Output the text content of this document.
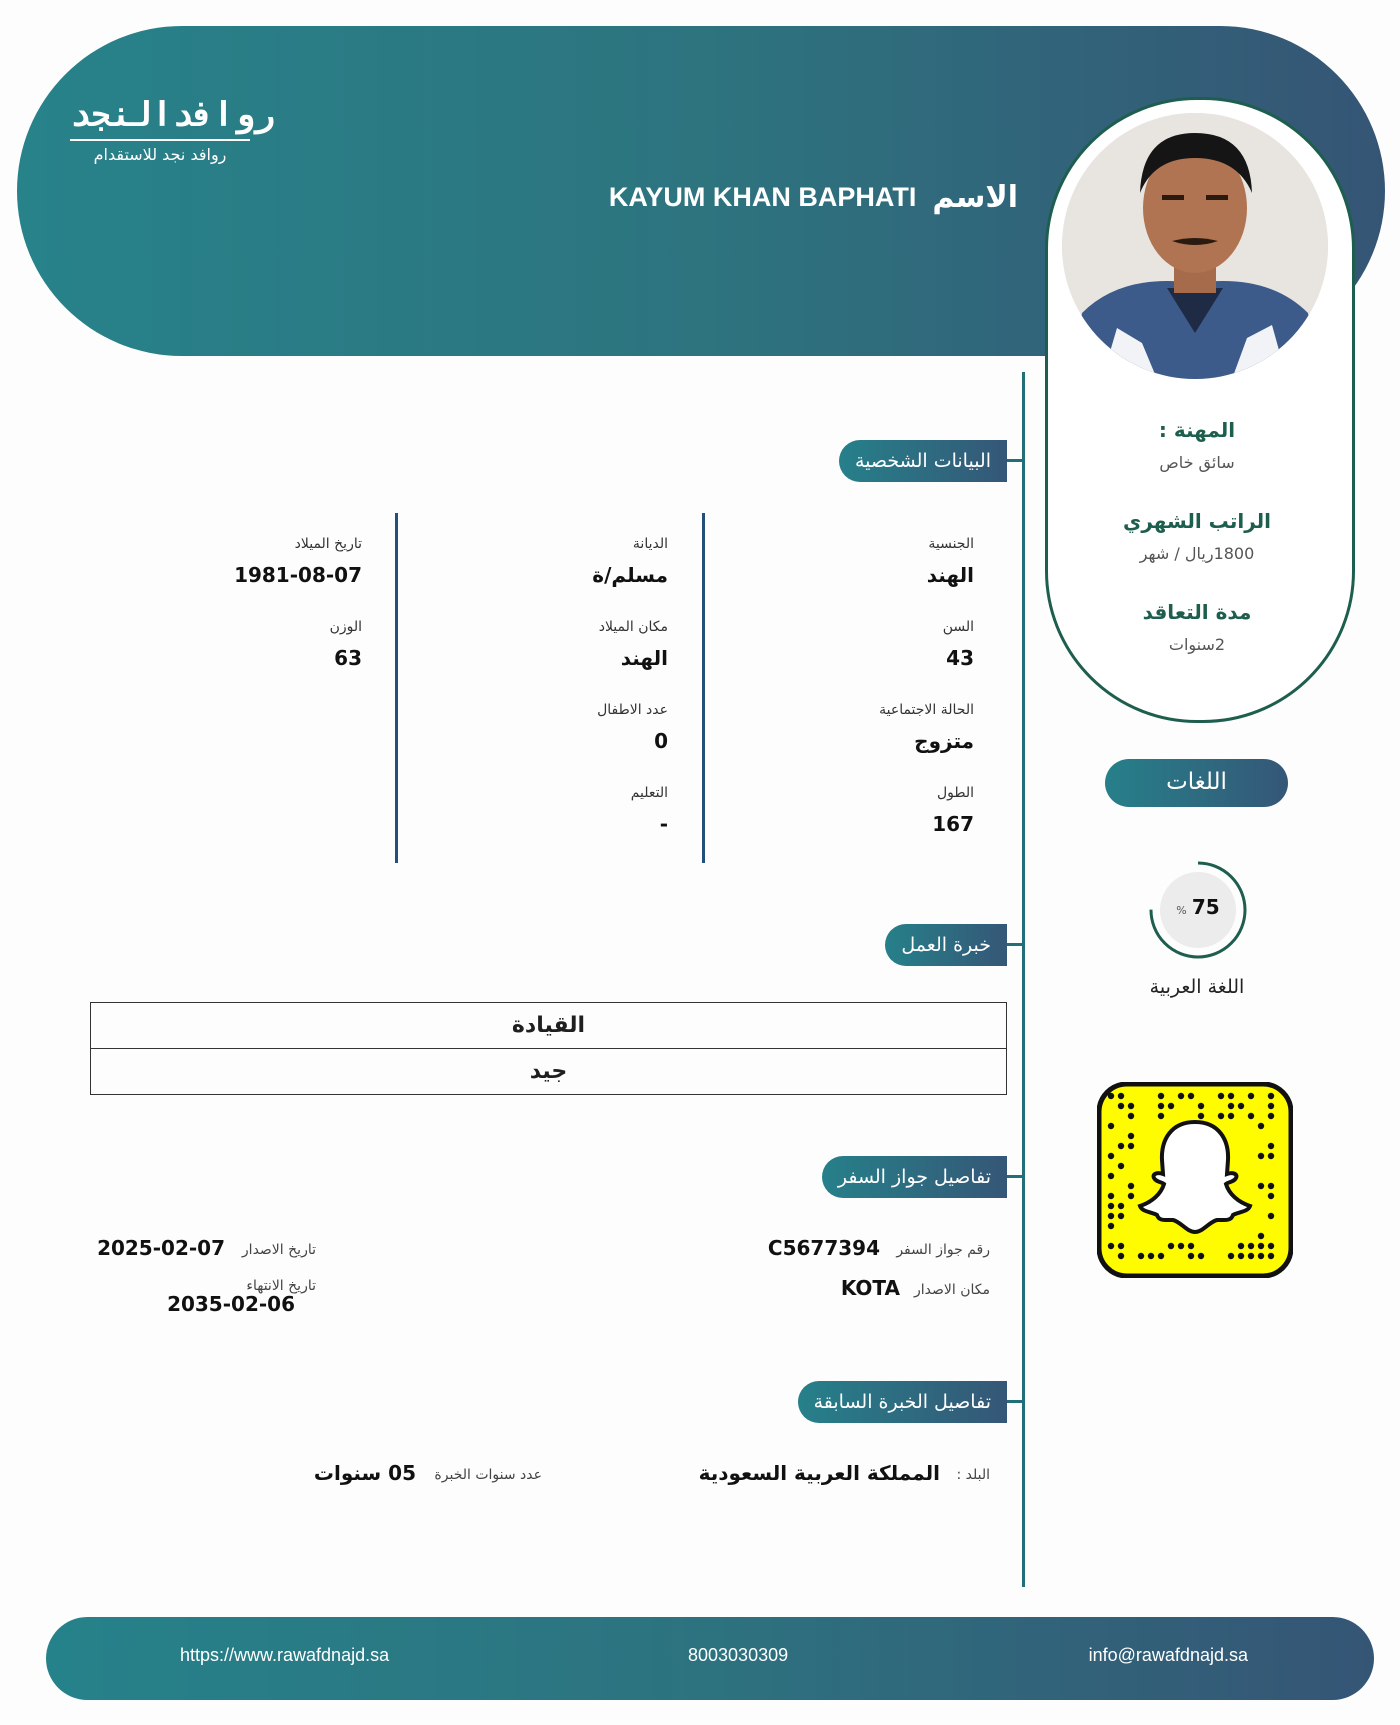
روافدالنجد
روافد نجد للاستقدام
الاسم
KAYUM KHAN BAPHATI
المهنة :
سائق خاص
الراتب الشهري
1800ريال / شهر
مدة التعاقد
2سنوات
اللغات
% 75
اللغة العربية
البيانات الشخصية
خبرة العمل
تفاصيل جواز السفر
تفاصيل الخبرة السابقة
الجنسية
الهند
السن
43
الحالة الاجتماعية
متزوج
الطول
167
الديانة
مسلم/ة
مكان الميلاد
الهند
عدد الاطفال
0
التعليم
-
تاريخ الميلاد
1981-08-07
الوزن
63
القيادة
جيد
رقم جواز السفر
C5677394
مكان الاصدار
KOTA
تاريخ الاصدار
2025-02-07
تاريخ الانتهاء
2035-02-06
البلد :
المملكة العربية السعودية
عدد سنوات الخبرة
05 سنوات
https://www.rawafdnajd.sa	8003030309	info@rawafdnajd.sa
